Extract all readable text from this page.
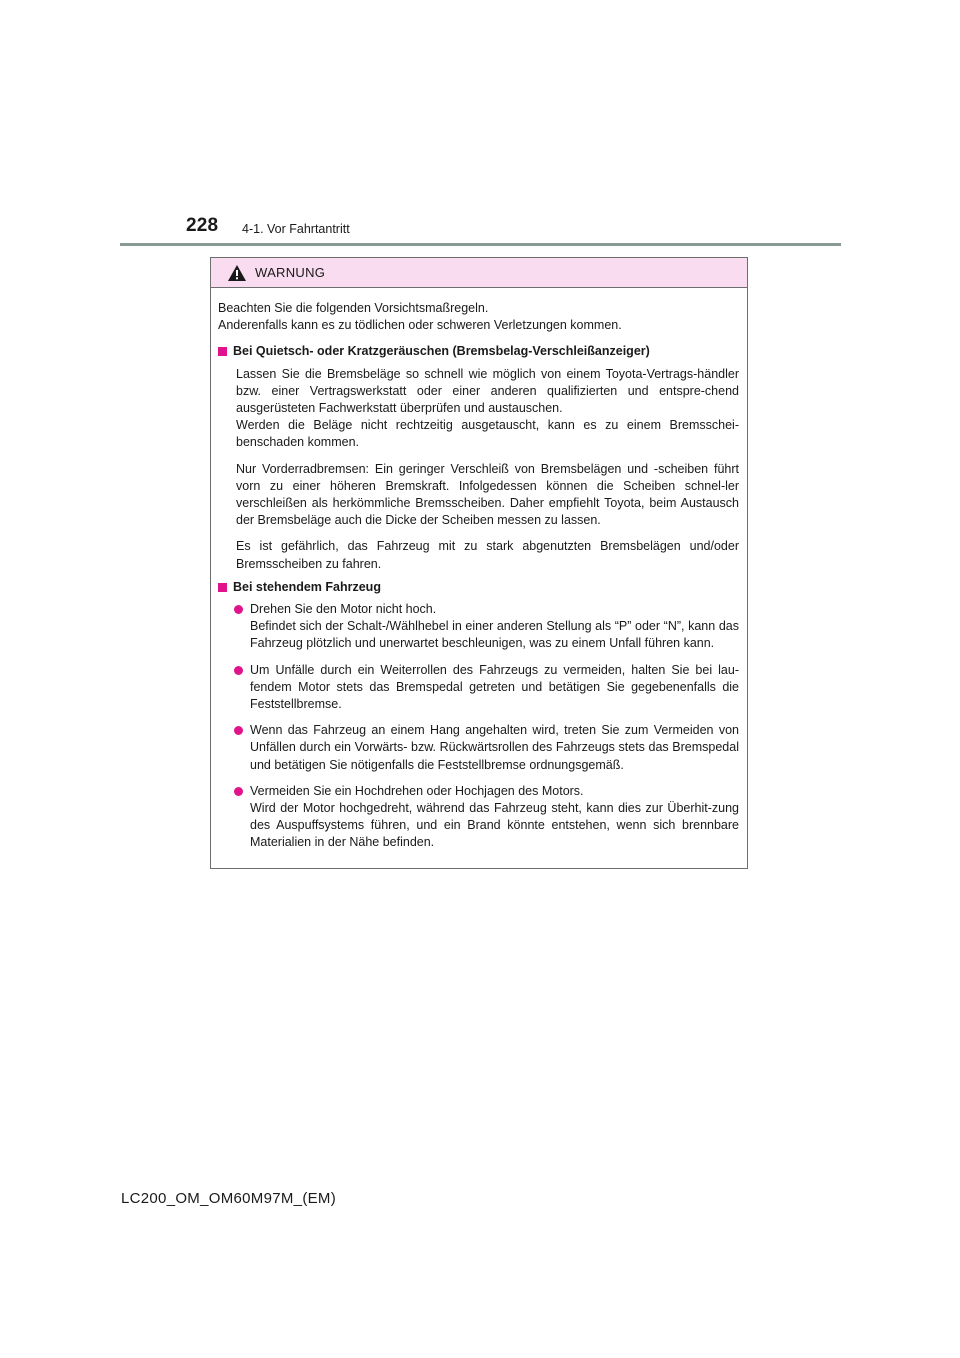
228 4-1. Vor Fahrtantritt
WARNUNG

Beachten Sie die folgenden Vorsichtsmaßregeln.

Anderenfalls kann es zu tödlichen oder schweren Verletzungen kommen.

Bei Quietsch- oder Kratzgeräuschen (Bremsbelag-Verschleißanzeiger)

Lassen Sie die Bremsbeläge so schnell wie möglich von einem Toyota-Vertrags-händler bzw. einer Vertragswerkstatt oder einer anderen qualifizierten und entspre-chend ausgerüsteten Fachwerkstatt überprüfen und austauschen.

Werden die Beläge nicht rechtzeitig ausgetauscht, kann es zu einem Bremsschei-benschaden kommen.

Nur Vorderradbremsen: Ein geringer Verschleiß von Bremsbelägen und -scheiben führt vorn zu einer höheren Bremskraft. Infolgedessen können die Scheiben schnel-ler verschleißen als herkömmliche Bremsscheiben. Daher empfiehlt Toyota, beim Austausch der Bremsbeläge auch die Dicke der Scheiben messen zu lassen.

Es ist gefährlich, das Fahrzeug mit zu stark abgenutzten Bremsbelägen und/oder Bremsscheiben zu fahren.

Bei stehendem Fahrzeug
Drehen Sie den Motor nicht hoch.
Befindet sich der Schalt-/Wählhebel in einer anderen Stellung als “P” oder “N”, kann das Fahrzeug plötzlich und unerwartet beschleunigen, was zu einem Unfall führen kann.
Um Unfälle durch ein Weiterrollen des Fahrzeugs zu vermeiden, halten Sie bei lau-fendem Motor stets das Bremspedal getreten und betätigen Sie gegebenenfalls die Feststellbremse.
Wenn das Fahrzeug an einem Hang angehalten wird, treten Sie zum Vermeiden von Unfällen durch ein Vorwärts- bzw. Rückwärtsrollen des Fahrzeugs stets das Bremspedal und betätigen Sie nötigenfalls die Feststellbremse ordnungsgemäß.
Vermeiden Sie ein Hochdrehen oder Hochjagen des Motors.
Wird der Motor hochgedreht, während das Fahrzeug steht, kann dies zur Überhit-zung des Auspuffsystems führen, und ein Brand könnte entstehen, wenn sich brennbare Materialien in der Nähe befinden.
LC200_OM_OM60M97M_(EM)
